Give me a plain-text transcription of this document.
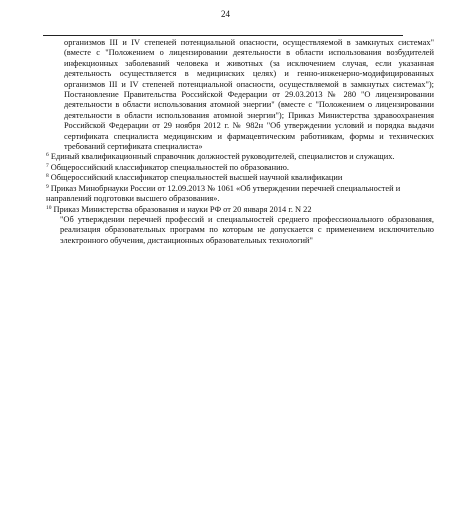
24
организмов III и IV степеней потенциальной опасности, осуществляемой в замкнутых системах" (вместе с "Положением о лицензировании деятельности в области использования возбудителей инфекционных заболеваний человека и животных (за исключением случая, если указанная деятельность осуществляется в медицинских целях) и генно-инженерно-модифицированных организмов III и IV степеней потенциальной опасности, осуществляемой в замкнутых системах"); Постановление Правительства Российской Федерации от 29.03.2013 № 280 "О лицензировании деятельности в области использования атомной энергии" (вместе с "Положением о лицензировании деятельности в области использования атомной энергии"); Приказ Министерства здравоохранения Российской Федерации от 29 ноября 2012 г. № 982н "Об утверждении условий и порядка выдачи сертификата специалиста медицинским и фармацевтическим работникам, формы и технических требований сертификата специалиста»
$^6$ Единый квалификационный справочник должностей руководителей, специалистов и служащих.
$^7$ Общероссийский классификатор специальностей по образованию.
$^8$ Общероссийский классификатор специальностей высшей научной квалификации
$^9$ Приказ Минобрнауки России от 12.09.2013 № 1061 «Об утверждении перечней специальностей и направлений подготовки высшего образования».
$^{10}$ Приказ Министерства образования и науки РФ от 20 января 2014 г. N 22
"Об утверждении перечней профессий и специальностей среднего профессионального образования, реализация образовательных программ по которым не допускается с применением исключительно электронного обучения, дистанционных образовательных технологий"
